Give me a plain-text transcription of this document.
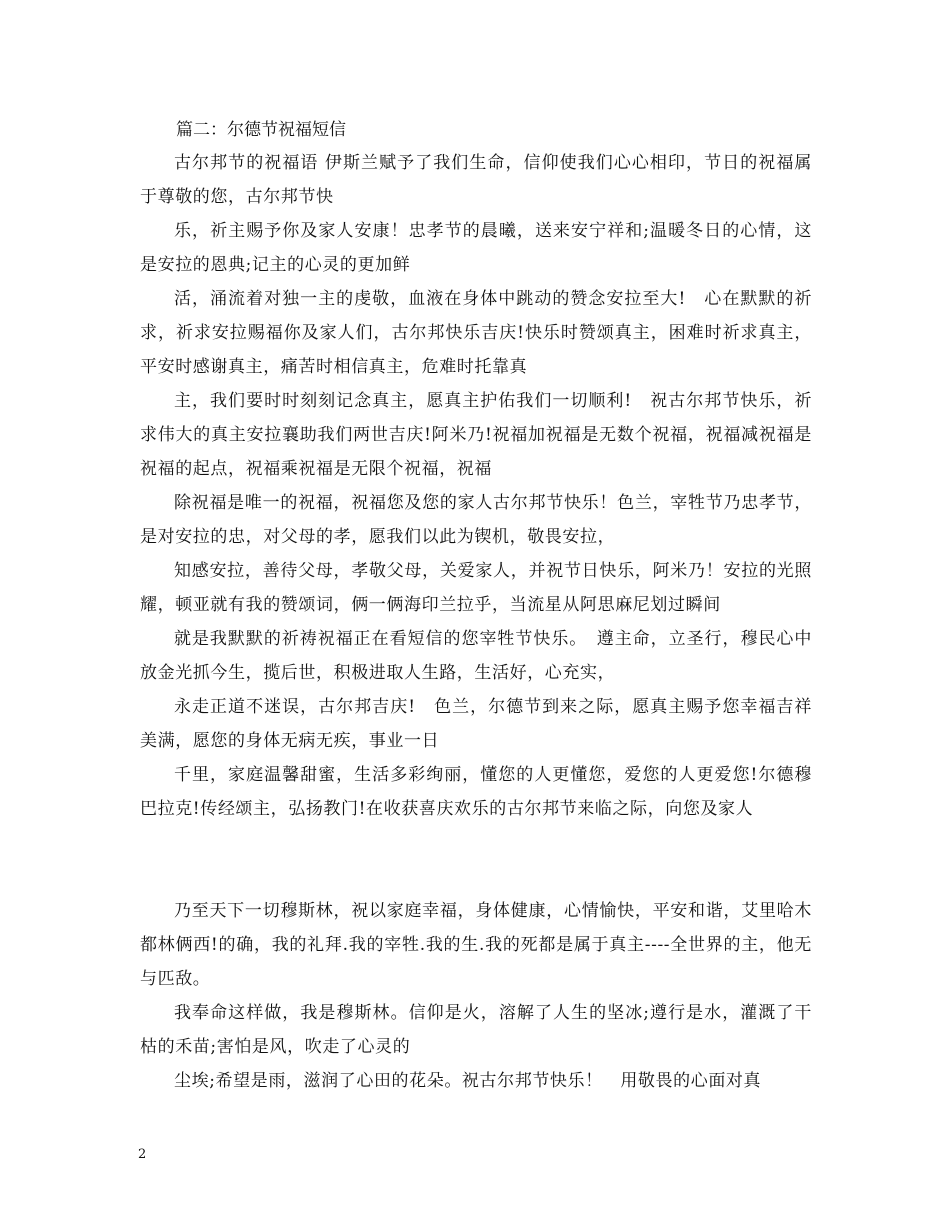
篇二：尔德节祝福短信

古尔邦节的祝福语 伊斯兰赋予了我们生命，信仰使我们心心相印，节日的祝福属于尊敬的您，古尔邦节快

乐，祈主赐予你及家人安康！忠孝节的晨曦，送来安宁祥和;温暖冬日的心情，这是安拉的恩典;记主的心灵的更加鲜

活，涌流着对独一主的虔敬，血液在身体中跳动的赞念安拉至大!　心在默默的祈求，祈求安拉赐福你及家人们，古尔邦快乐吉庆!快乐时赞颂真主，困难时祈求真主，平安时感谢真主，痛苦时相信真主，危难时托靠真

主，我们要时时刻刻记念真主，愿真主护佑我们一切顺利!　祝古尔邦节快乐，祈求伟大的真主安拉襄助我们两世吉庆!阿米乃!祝福加祝福是无数个祝福，祝福减祝福是祝福的起点，祝福乘祝福是无限个祝福，祝福

除祝福是唯一的祝福，祝福您及您的家人古尔邦节快乐！色兰，宰牲节乃忠孝节，是对安拉的忠，对父母的孝，愿我们以此为锲机，敬畏安拉，

知感安拉，善待父母，孝敬父母，关爱家人，并祝节日快乐，阿米乃！安拉的光照耀，顿亚就有我的赞颂词，俩一俩海印兰拉乎，当流星从阿思麻尼划过瞬间

就是我默默的祈祷祝福正在看短信的您宰牲节快乐。　遵主命，立圣行，穆民心中放金光抓今生，揽后世，积极进取人生路，生活好，心充实，

永走正道不迷误，古尔邦吉庆!　色兰，尔德节到来之际，愿真主赐予您幸福吉祥美满，愿您的身体无病无疾，事业一日

千里，家庭温馨甜蜜，生活多彩绚丽，懂您的人更懂您，爱您的人更爱您!尔德穆巴拉克!传经颂主，弘扬教门!在收获喜庆欢乐的古尔邦节来临之际，向您及家人

乃至天下一切穆斯林，祝以家庭幸福，身体健康，心情愉快，平安和谐，艾里哈木都林俩西!的确，我的礼拜.我的宰牲.我的生.我的死都是属于真主----全世界的主，他无与匹敌。

我奉命这样做，我是穆斯林。信仰是火，溶解了人生的坚冰;遵行是水，灌溉了干枯的禾苗;害怕是风，吹走了心灵的

尘埃;希望是雨，滋润了心田的花朵。祝古尔邦节快乐！　用敬畏的心面对真

2
